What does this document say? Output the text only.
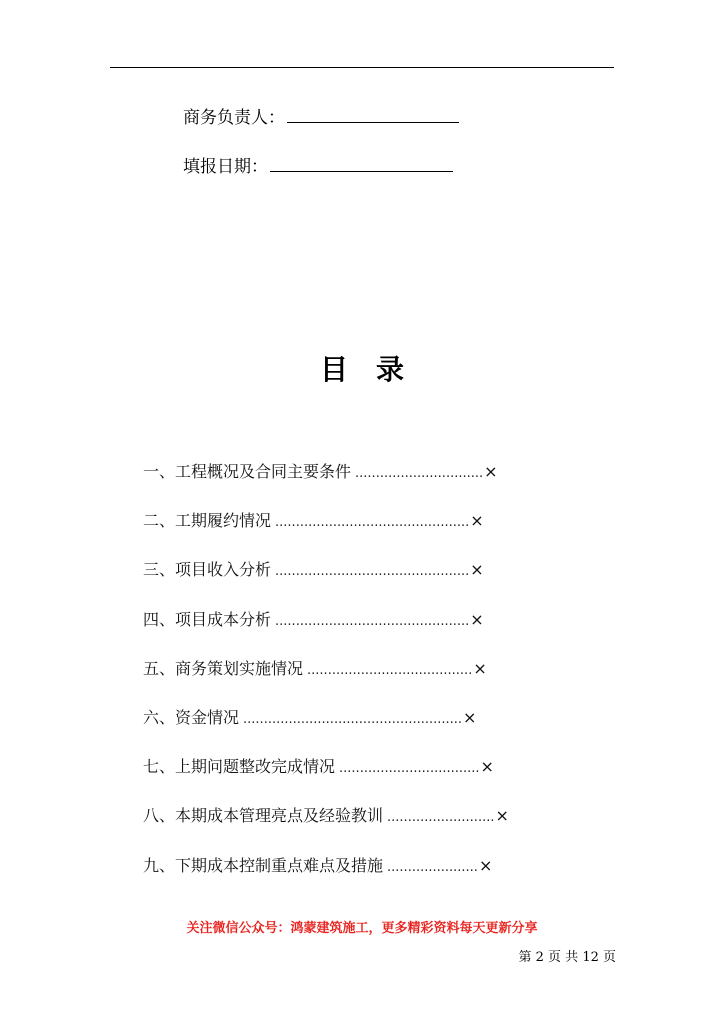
商务负责人：
填报日期：
目录
一、工程概况及合同主要条件 ...............................×
二、工期履约情况 ...............................................×
三、项目收入分析 ...............................................×
四、项目成本分析 ...............................................×
五、商务策划实施情况 ........................................×
六、资金情况 .....................................................×
七、上期问题整改完成情况 ..................................×
八、本期成本管理亮点及经验教训 ..........................×
九、下期成本控制重点难点及措施 ......................×
关注微信公众号：鸿蒙建筑施工，更多精彩资料每天更新分享
第 2 页 共 12 页
